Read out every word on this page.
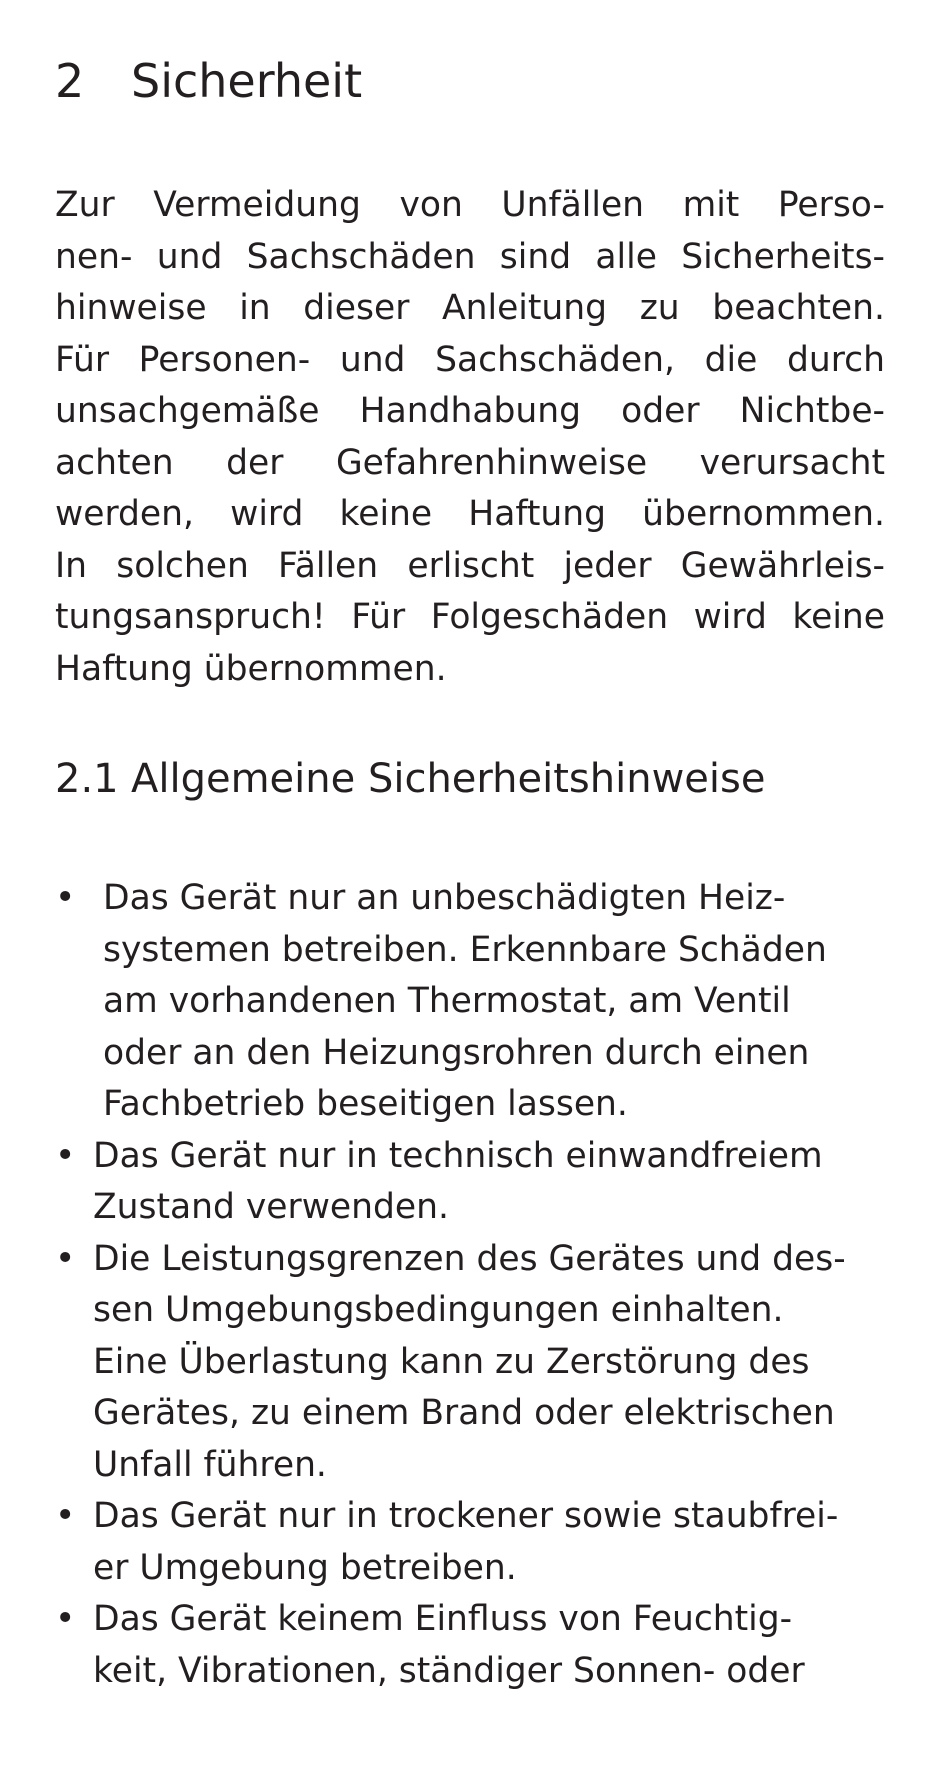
2 Sicherheit

Zur Vermeidung von Unfällen mit Perso-
nen- und Sachschäden sind alle Sicherheits-
hinweise in dieser Anleitung zu beachten.
Für Personen- und Sachschäden, die durch
unsachgemäße Handhabung oder Nichtbe-
achten der Gefahrenhinweise verursacht
werden, wird keine Haftung übernommen.
In solchen Fällen erlischt jeder Gewährleis-
tungsanspruch! Für Folgeschäden wird keine
Haftung übernommen.

2.1 Allgemeine Sicherheitshinweise
• Das Gerät nur an unbeschädigten Heiz-
systemen betreiben. Erkennbare Schäden
am vorhandenen Thermostat, am Ventil
oder an den Heizungsrohren durch einen
Fachbetrieb beseitigen lassen.
• Das Gerät nur in technisch einwandfreiem
Zustand verwenden.
• Die Leistungsgrenzen des Gerätes und des-
sen Umgebungsbedingungen einhalten.
Eine Überlastung kann zu Zerstörung des
Gerätes, zu einem Brand oder elektrischen
Unfall führen.
• Das Gerät nur in trockener sowie staubfrei-
er Umgebung betreiben.
• Das Gerät keinem Einfluss von Feuchtig-
keit, Vibrationen, ständiger Sonnen- oder
